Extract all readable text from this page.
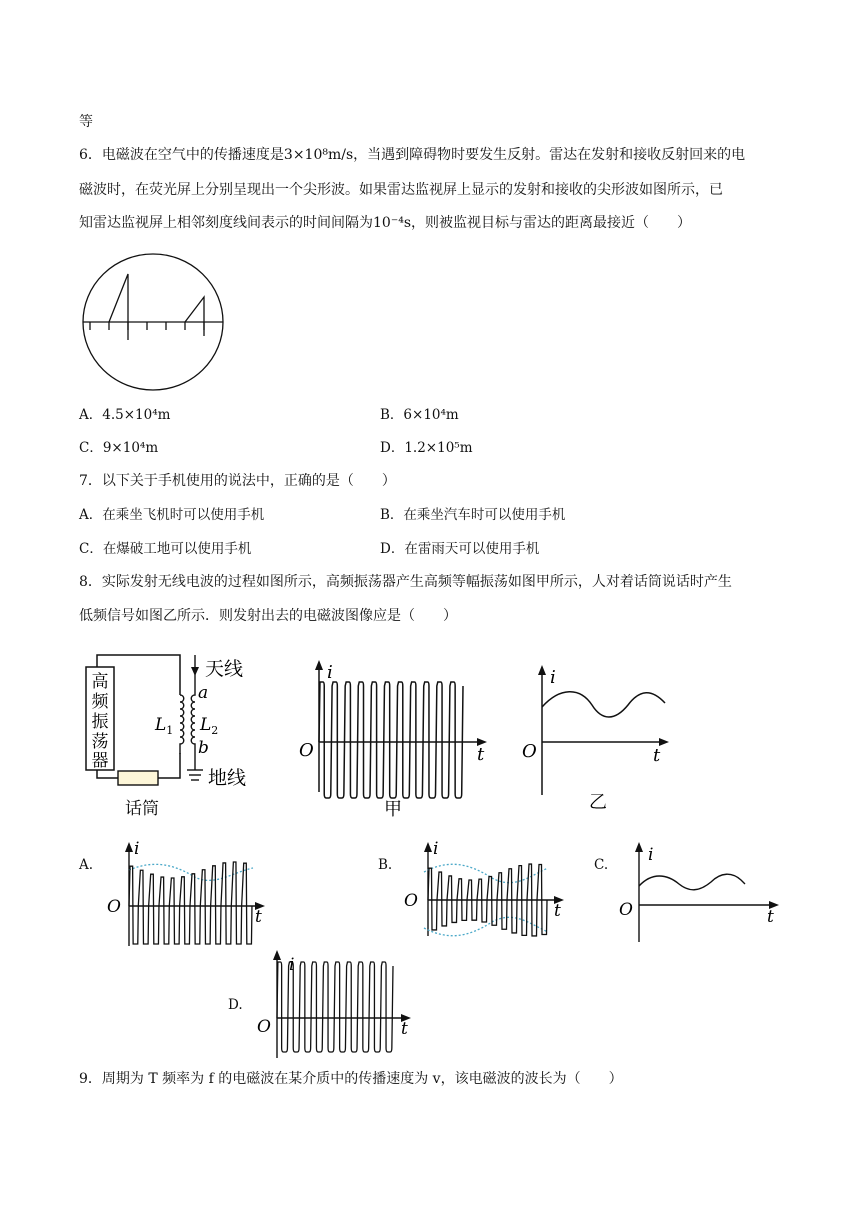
等
6．电磁波在空气中的传播速度是3×10⁸m/s，当遇到障碍物时要发生反射。雷达在发射和接收反射回来的电
磁波时，在荧光屏上分别呈现出一个尖形波。如果雷达监视屏上显示的发射和接收的尖形波如图所示，已
知雷达监视屏上相邻刻度线间表示的时间间隔为10⁻⁴s，则被监视目标与雷达的距离最接近（　　）
A．4.5×10⁴m	B．6×10⁴m
C．9×10⁴m	D．1.2×10⁵m
7．以下关于手机使用的说法中，正确的是（　　）
A．在乘坐飞机时可以使用手机	B．在乘坐汽车时可以使用手机
C．在爆破工地可以使用手机	D．在雷雨天可以使用手机
8．实际发射无线电波的过程如图所示，高频振荡器产生高频等幅振荡如图甲所示，人对着话筒说话时产生
低频信号如图乙所示．则发射出去的电磁波图像应是（　　）
高
频
振
荡
器
话筒
天线
a
$L_1$ $L_2$
b
地线
i
t
O
甲
i
t
O
乙
A.
i
t
O
B.
i
t
O
C. i
t
O
D.
i
t
O
9．周期为 T 频率为 f 的电磁波在某介质中的传播速度为 v，该电磁波的波长为（　　）
